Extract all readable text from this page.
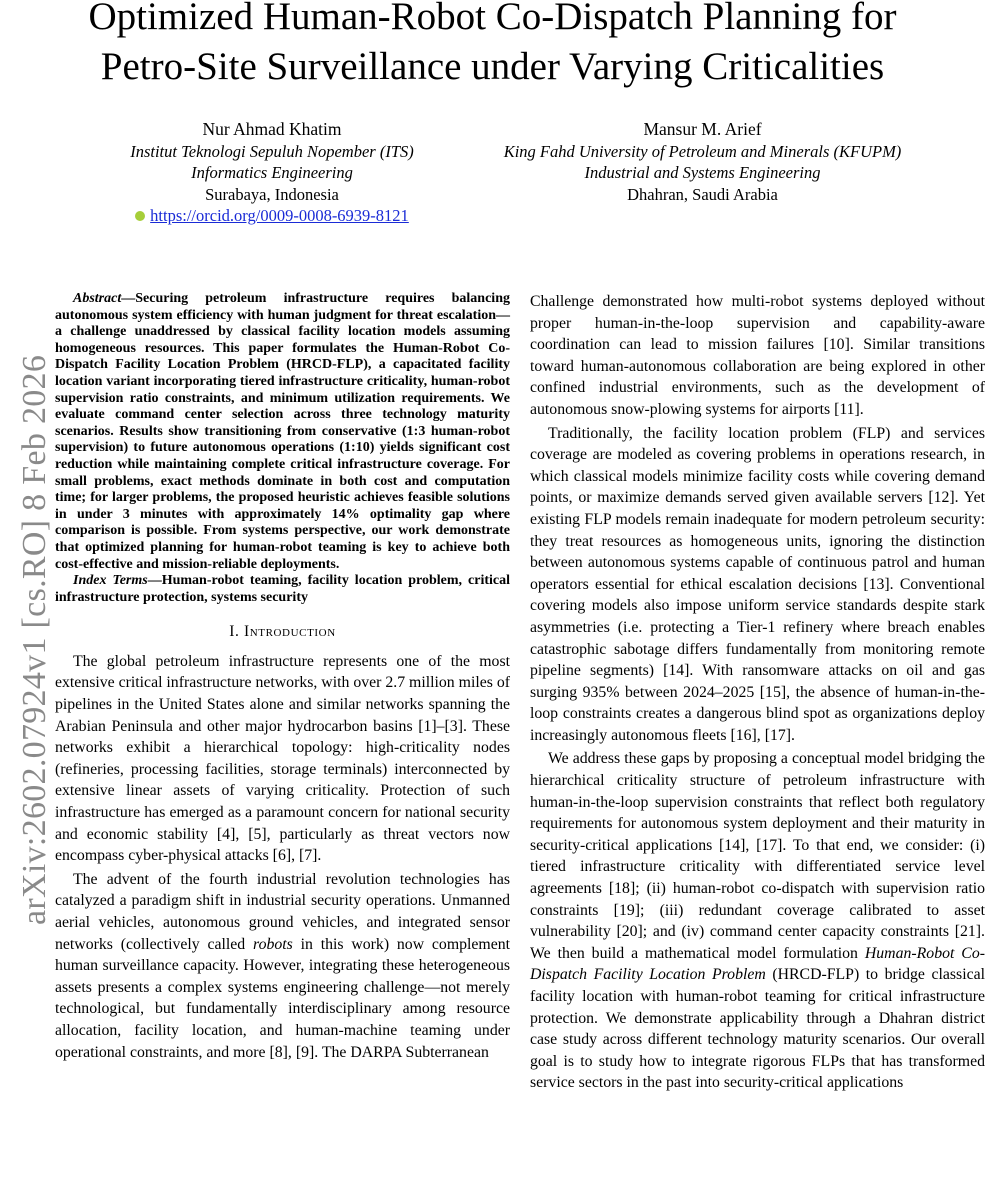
Optimized Human-Robot Co-Dispatch Planning for
Petro-Site Surveillance under Varying Criticalities
Nur Ahmad Khatim
Institut Teknologi Sepuluh Nopember (ITS)
Informatics Engineering
Surabaya, Indonesia
https://orcid.org/0009-0008-6939-8121
Mansur M. Arief
King Fahd University of Petroleum and Minerals (KFUPM)
Industrial and Systems Engineering
Dhahran, Saudi Arabia
arXiv:2602.07924v1 [cs.RO] 8 Feb 2026

Abstract—Securing petroleum infrastructure requires balancing autonomous system efficiency with human judgment for threat escalation—a challenge unaddressed by classical facility location models assuming homogeneous resources. This paper formulates the Human-Robot Co-Dispatch Facility Location Problem (HRCD-FLP), a capacitated facility location variant incorporating tiered infrastructure criticality, human-robot supervision ratio constraints, and minimum utilization requirements. We evaluate command center selection across three technology maturity scenarios. Results show transitioning from conservative (1:3 human-robot supervision) to future autonomous operations (1:10) yields significant cost reduction while maintaining complete critical infrastructure coverage. For small problems, exact methods dominate in both cost and computation time; for larger problems, the proposed heuristic achieves feasible solutions in under 3 minutes with approximately 14% optimality gap where comparison is possible. From systems perspective, our work demonstrate that optimized planning for human-robot teaming is key to achieve both cost-effective and mission-reliable deployments.

Index Terms—Human-robot teaming, facility location problem, critical infrastructure protection, systems security

I. Introduction

The global petroleum infrastructure represents one of the most extensive critical infrastructure networks, with over 2.7 million miles of pipelines in the United States alone and similar networks spanning the Arabian Peninsula and other major hydrocarbon basins [1]–[3]. These networks exhibit a hierarchical topology: high-criticality nodes (refineries, processing facilities, storage terminals) interconnected by extensive linear assets of varying criticality. Protection of such infrastructure has emerged as a paramount concern for national security and economic stability [4], [5], particularly as threat vectors now encompass cyber-physical attacks [6], [7].

The advent of the fourth industrial revolution technologies has catalyzed a paradigm shift in industrial security operations. Unmanned aerial vehicles, autonomous ground vehicles, and integrated sensor networks (collectively called robots in this work) now complement human surveillance capacity. However, integrating these heterogeneous assets presents a complex systems engineering challenge—not merely technological, but fundamentally interdisciplinary among resource allocation, facility location, and human-machine teaming under operational constraints, and more [8], [9]. The DARPA Subterranean

Challenge demonstrated how multi-robot systems deployed without proper human-in-the-loop supervision and capability-aware coordination can lead to mission failures [10]. Similar transitions toward human-autonomous collaboration are being explored in other confined industrial environments, such as the development of autonomous snow-plowing systems for airports [11].

Traditionally, the facility location problem (FLP) and services coverage are modeled as covering problems in operations research, in which classical models minimize facility costs while covering demand points, or maximize demands served given available servers [12]. Yet existing FLP models remain inadequate for modern petroleum security: they treat resources as homogeneous units, ignoring the distinction between autonomous systems capable of continuous patrol and human operators essential for ethical escalation decisions [13]. Conventional covering models also impose uniform service standards despite stark asymmetries (i.e. protecting a Tier-1 refinery where breach enables catastrophic sabotage differs fundamentally from monitoring remote pipeline segments) [14]. With ransomware attacks on oil and gas surging 935% between 2024–2025 [15], the absence of human-in-the-loop constraints creates a dangerous blind spot as organizations deploy increasingly autonomous fleets [16], [17].

We address these gaps by proposing a conceptual model bridging the hierarchical criticality structure of petroleum infrastructure with human-in-the-loop supervision constraints that reflect both regulatory requirements for autonomous system deployment and their maturity in security-critical applications [14], [17]. To that end, we consider: (i) tiered infrastructure criticality with differentiated service level agreements [18]; (ii) human-robot co-dispatch with supervision ratio constraints [19]; (iii) redundant coverage calibrated to asset vulnerability [20]; and (iv) command center capacity constraints [21]. We then build a mathematical model formulation Human-Robot Co-Dispatch Facility Location Problem (HRCD-FLP) to bridge classical facility location with human-robot teaming for critical infrastructure protection. We demonstrate applicability through a Dhahran district case study across different technology maturity scenarios. Our overall goal is to study how to integrate rigorous FLPs that has transformed service sectors in the past into security-critical applications
